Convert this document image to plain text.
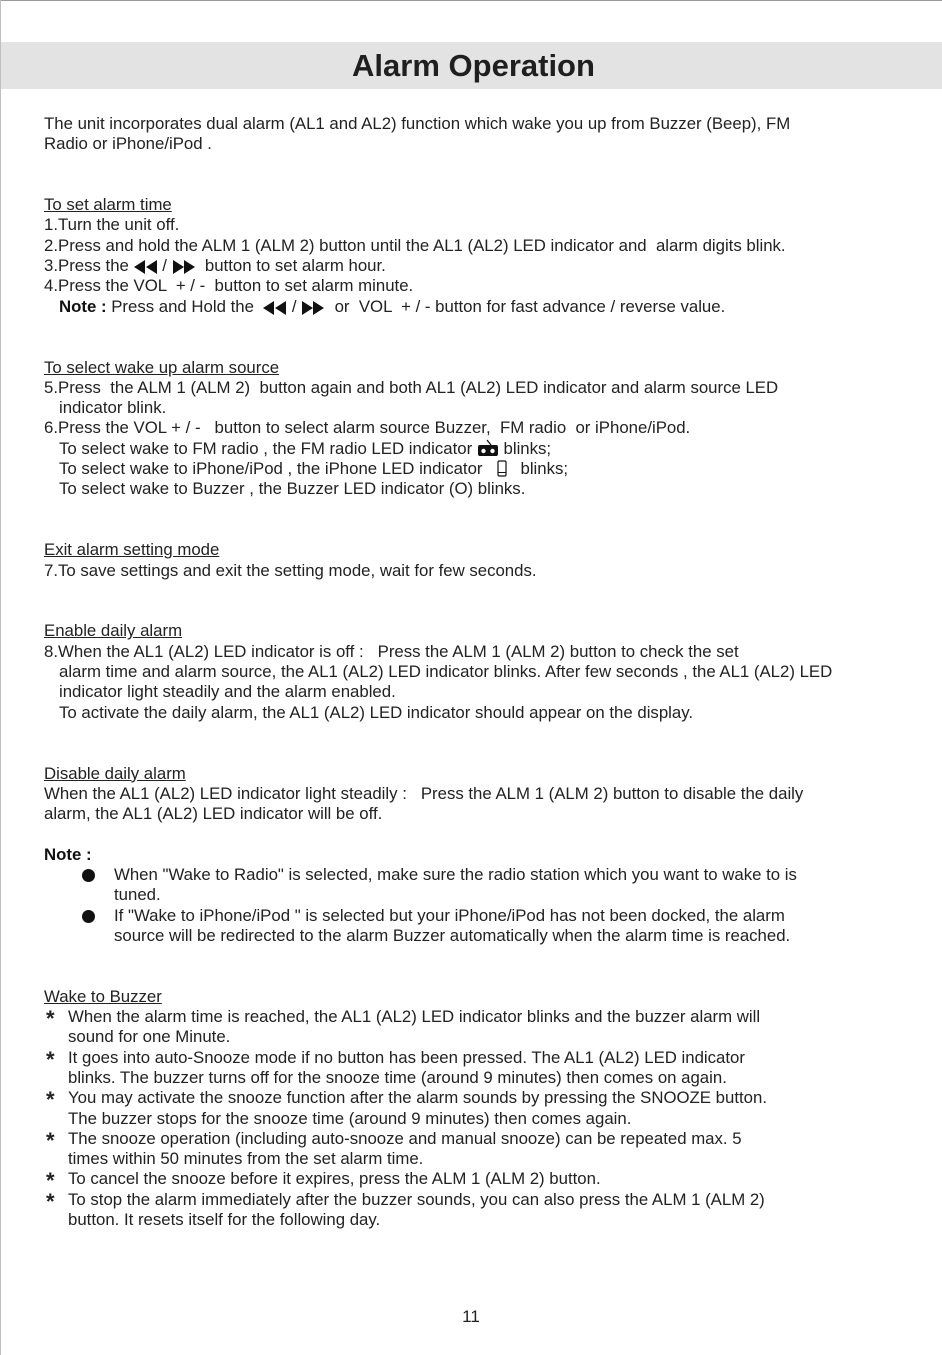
Alarm Operation
The unit incorporates dual alarm (AL1 and AL2) function which wake you up from Buzzer (Beep), FM
Radio or iPhone/iPod .
To set alarm time
1.Turn the unit off.
2.Press and hold the ALM 1 (ALM 2) button until the AL1 (AL2) LED indicator and  alarm digits blink.
3.Press the  /   button to set alarm hour.
4.Press the VOL  + / -  button to set alarm minute.
Note : Press and Hold the   /   or  VOL  + / - button for fast advance / reverse value.
To select wake up alarm source
5.Press  the ALM 1 (ALM 2)  button again and both AL1 (AL2) LED indicator and alarm source LED
indicator blink.
6.Press the VOL + / -   button to select alarm source Buzzer,  FM radio  or iPhone/iPod.
To select wake to FM radio , the FM radio LED indicator  blinks;
To select wake to iPhone/iPod , the iPhone LED indicator      blinks;
To select wake to Buzzer , the Buzzer LED indicator (O) blinks.
Exit alarm setting mode
7.To save settings and exit the setting mode, wait for few seconds.
Enable daily alarm
8.When the AL1 (AL2) LED indicator is off :   Press the ALM 1 (ALM 2) button to check the set
alarm time and alarm source, the AL1 (AL2) LED indicator blinks. After few seconds , the AL1 (AL2) LED
indicator light steadily and the alarm enabled.
To activate the daily alarm, the AL1 (AL2) LED indicator should appear on the display.
Disable daily alarm
When the AL1 (AL2) LED indicator light steadily :   Press the ALM 1 (ALM 2) button to disable the daily
alarm, the AL1 (AL2) LED indicator will be off.
Note :
When "Wake to Radio" is selected, make sure the radio station which you want to wake to is
tuned.
If "Wake to iPhone/iPod " is selected but your iPhone/iPod has not been docked, the alarm
source will be redirected to the alarm Buzzer automatically when the alarm time is reached.
Wake to Buzzer
* When the alarm time is reached, the AL1 (AL2) LED indicator blinks and the buzzer alarm will
sound for one Minute.
* It goes into auto-Snooze mode if no button has been pressed. The AL1 (AL2) LED indicator
blinks. The buzzer turns off for the snooze time (around 9 minutes) then comes on again.
* You may activate the snooze function after the alarm sounds by pressing the SNOOZE button.
The buzzer stops for the snooze time (around 9 minutes) then comes again.
* The snooze operation (including auto-snooze and manual snooze) can be repeated max. 5
times within 50 minutes from the set alarm time.
* To cancel the snooze before it expires, press the ALM 1 (ALM 2) button.
* To stop the alarm immediately after the buzzer sounds, you can also press the ALM 1 (ALM 2)
button. It resets itself for the following day.
11
